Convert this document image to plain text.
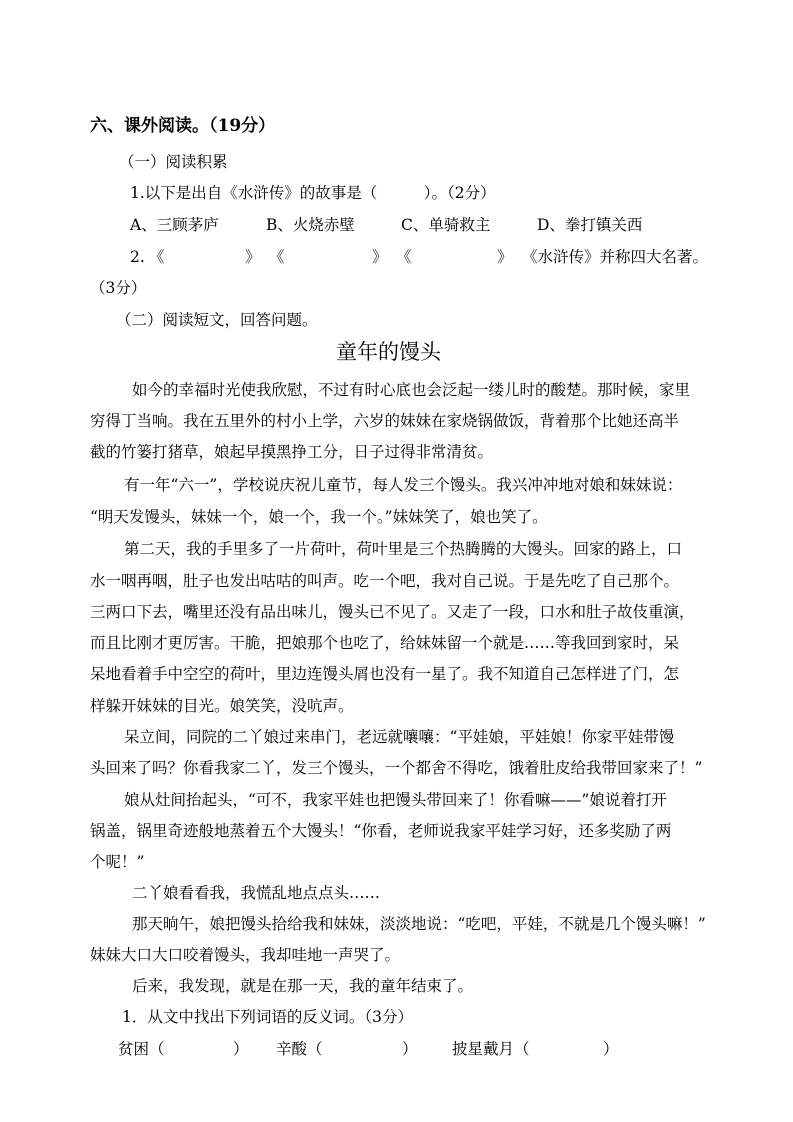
六、课外阅读。（19分）
（一）阅读积累
1.以下是出自《水浒传》的故事是（　　　）。（2分）
A、三顾茅庐	B、火烧赤壁	C、单骑救主	D、拳打镇关西
2. 《	》 《	》 《	》 《水浒传》并称四大名著。
（3分）
（二）阅读短文，回答问题。
童年的馒头
如今的幸福时光使我欣慰，不过有时心底也会泛起一缕儿时的酸楚。那时候，家里
穷得丁当响。我在五里外的村小上学，六岁的妹妹在家烧锅做饭，背着那个比她还高半
截的竹篓打猪草，娘起早摸黑挣工分，日子过得非常清贫。
有一年“六一”，学校说庆祝儿童节，每人发三个馒头。我兴冲冲地对娘和妹妹说：
“明天发馒头，妹妹一个，娘一个，我一个。”妹妹笑了，娘也笑了。
第二天，我的手里多了一片荷叶，荷叶里是三个热腾腾的大馒头。回家的路上，口
水一咽再咽，肚子也发出咕咕的叫声。吃一个吧，我对自己说。于是先吃了自己那个。
三两口下去，嘴里还没有品出味儿，馒头已不见了。又走了一段，口水和肚子故伎重演，
而且比刚才更厉害。干脆，把娘那个也吃了，给妹妹留一个就是……等我回到家时，呆
呆地看着手中空空的荷叶，里边连馒头屑也没有一星了。我不知道自己怎样进了门，怎
样躲开妹妹的目光。娘笑笑，没吭声。
呆立间，同院的二丫娘过来串门，老远就嚷嚷：“平娃娘，平娃娘！你家平娃带馒
头回来了吗？你看我家二丫，发三个馒头，一个都舍不得吃，饿着肚皮给我带回家来了！”
娘从灶间抬起头，“可不，我家平娃也把馒头带回来了！你看嘛——”娘说着打开
锅盖，锅里奇迹般地蒸着五个大馒头！“你看，老师说我家平娃学习好，还多奖励了两
个呢！”
二丫娘看看我，我慌乱地点点头……
那天晌午，娘把馒头拾给我和妹妹，淡淡地说：“吃吧，平娃，不就是几个馒头嘛！”
妹妹大口大口咬着馒头，我却哇地一声哭了。
后来，我发现，就是在那一天，我的童年结束了。
1．从文中找出下列词语的反义词。（3分）
贫困（	） 辛酸（	） 披星戴月（	）
